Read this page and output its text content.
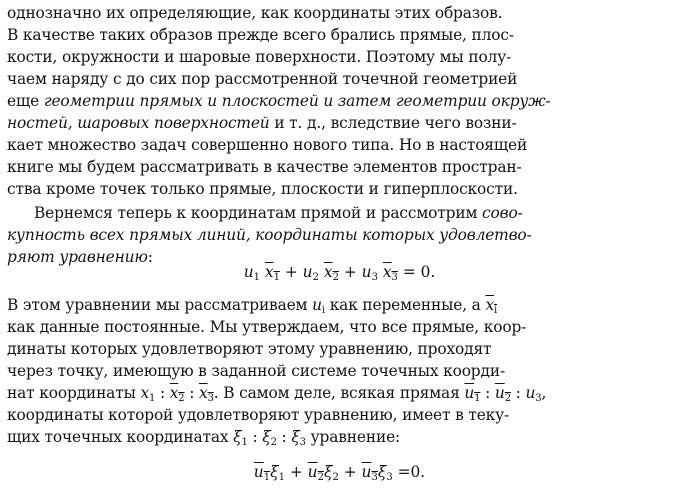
однозначно их определяющие, как координаты этих образов.
В качестве таких образов прежде всего брались прямые, плос-
кости, окружности и шаровые поверхности. Поэтому мы полу-
чаем наряду с до сих пор рассмотренной точечной геометрией
еще геометрии прямых и плоскостей и затем геометрии окруж-
ностей, шаровых поверхностей и т. д., вследствие чего возни-
кает множество задач совершенно нового типа. Но в настоящей
книге мы будем рассматривать в качестве элементов простран-
ства кроме точек только прямые, плоскости и гиперплоскости.
Вернемся теперь к координатам прямой и рассмотрим сово-
купность всех прямых линий, координаты которых удовлетво-
ряют уравнению:
$u_1$ $x_1 + u_2$ $x_2 + u_3$ $x_3 = 0$.
В этом уравнении мы рассматриваем $u_i$ как переменные, а $x_i$
как данные постоянные. Мы утверждаем, что все прямые, коор-
динаты которых удовлетворяют этому уравнению, проходят
через точку, имеющую в заданной системе точечных коорди-
нат координаты $x_1$ : $x_2$ : $x_3$. В самом деле, всякая прямая $u_1$ : $u_2$ : $u_3$,
координаты которой удовлетворяют уравнению, имеет в теку-
щих точечных координатах $\xi_1$ : $\xi_2$ : $\xi_3$ уравнение:
$u_1\xi_1 + u_2\xi_2 + u_3\xi_3 =0$.
